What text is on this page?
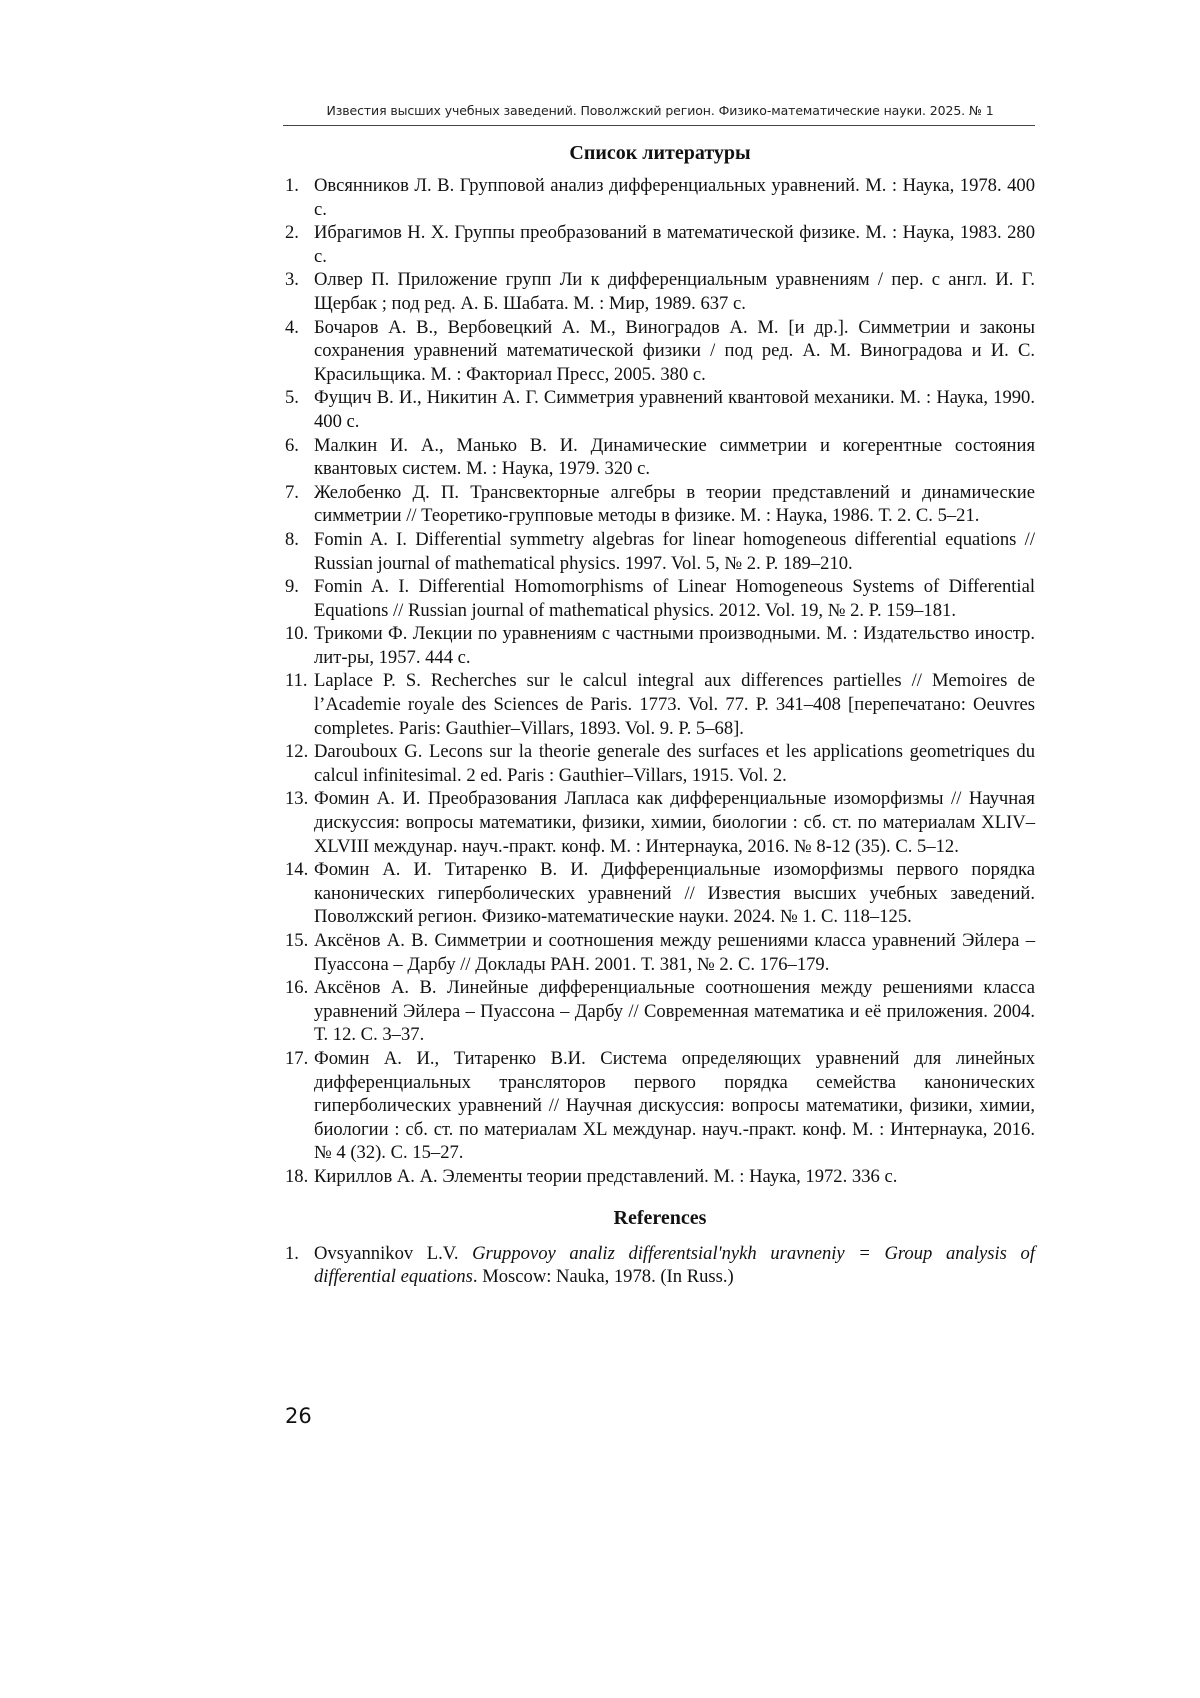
Известия высших учебных заведений. Поволжский регион. Физико-математические науки. 2025. № 1
Список литературы
1. Овсянников Л. В. Групповой анализ дифференциальных уравнений. М. : Наука, 1978. 400 с.
2. Ибрагимов Н. Х. Группы преобразований в математической физике. М. : Наука, 1983. 280 с.
3. Олвер П. Приложение групп Ли к дифференциальным уравнениям / пер. с англ. И. Г. Щербак ; под ред. А. Б. Шабата. М. : Мир, 1989. 637 с.
4. Бочаров А. В., Вербовецкий А. М., Виноградов А. М. [и др.]. Симметрии и законы сохранения уравнений математической физики / под ред. А. М. Виноградова и И. С. Красильщика. М. : Факториал Пресс, 2005. 380 с.
5. Фущич В. И., Никитин А. Г. Симметрия уравнений квантовой механики. М. : Наука, 1990. 400 с.
6. Малкин И. А., Манько В. И. Динамические симметрии и когерентные состояния квантовых систем. М. : Наука, 1979. 320 с.
7. Желобенко Д. П. Трансвекторные алгебры в теории представлений и динамические симметрии // Теоретико-групповые методы в физике. М. : Наука, 1986. Т. 2. С. 5–21.
8. Fomin A. I. Differential symmetry algebras for linear homogeneous differential equations // Russian journal of mathematical physics. 1997. Vol. 5, № 2. P. 189–210.
9. Fomin A. I. Differential Homomorphisms of Linear Homogeneous Systems of Differential Equations // Russian journal of mathematical physics. 2012. Vol. 19, № 2. P. 159–181.
10. Трикоми Ф. Лекции по уравнениям с частными производными. М. : Издательство иностр. лит-ры, 1957. 444 с.
11. Laplace P. S. Recherches sur le calcul integral aux differences partielles // Memoires de l’Academie royale des Sciences de Paris. 1773. Vol. 77. P. 341–408 [перепечатано: Oeuvres completes. Paris: Gauthier–Villars, 1893. Vol. 9. P. 5–68].
12. Darouboux G. Lecons sur la theorie generale des surfaces et les applications geometriques du calcul infinitesimal. 2 ed. Paris : Gauthier–Villars, 1915. Vol. 2.
13. Фомин А. И. Преобразования Лапласа как дифференциальные изоморфизмы // Научная дискуссия: вопросы математики, физики, химии, биологии : сб. ст. по материалам XLIV–XLVIII междунар. науч.-практ. конф. М. : Интернаука, 2016. № 8-12 (35). С. 5–12.
14. Фомин А. И. Титаренко В. И. Дифференциальные изоморфизмы первого порядка канонических гиперболических уравнений // Известия высших учебных заведений. Поволжский регион. Физико-математические науки. 2024. № 1. С. 118–125.
15. Аксёнов А. В. Симметрии и соотношения между решениями класса уравнений Эйлера – Пуассона – Дарбу // Доклады РАН. 2001. Т. 381, № 2. С. 176–179.
16. Аксёнов А. В. Линейные дифференциальные соотношения между решениями класса уравнений Эйлера – Пуассона – Дарбу // Современная математика и её приложения. 2004. Т. 12. С. 3–37.
17. Фомин А. И., Титаренко В.И. Система определяющих уравнений для линейных дифференциальных трансляторов первого порядка семейства канонических гиперболических уравнений // Научная дискуссия: вопросы математики, физики, химии, биологии : сб. ст. по материалам XL междунар. науч.-практ. конф. М. : Интернаука, 2016. № 4 (32). С. 15–27.
18. Кириллов А. А. Элементы теории представлений. М. : Наука, 1972. 336 с.
References
1. Ovsyannikov L.V. Gruppovoy analiz differentsial'nykh uravneniy = Group analysis of differential equations. Moscow: Nauka, 1978. (In Russ.)
26
